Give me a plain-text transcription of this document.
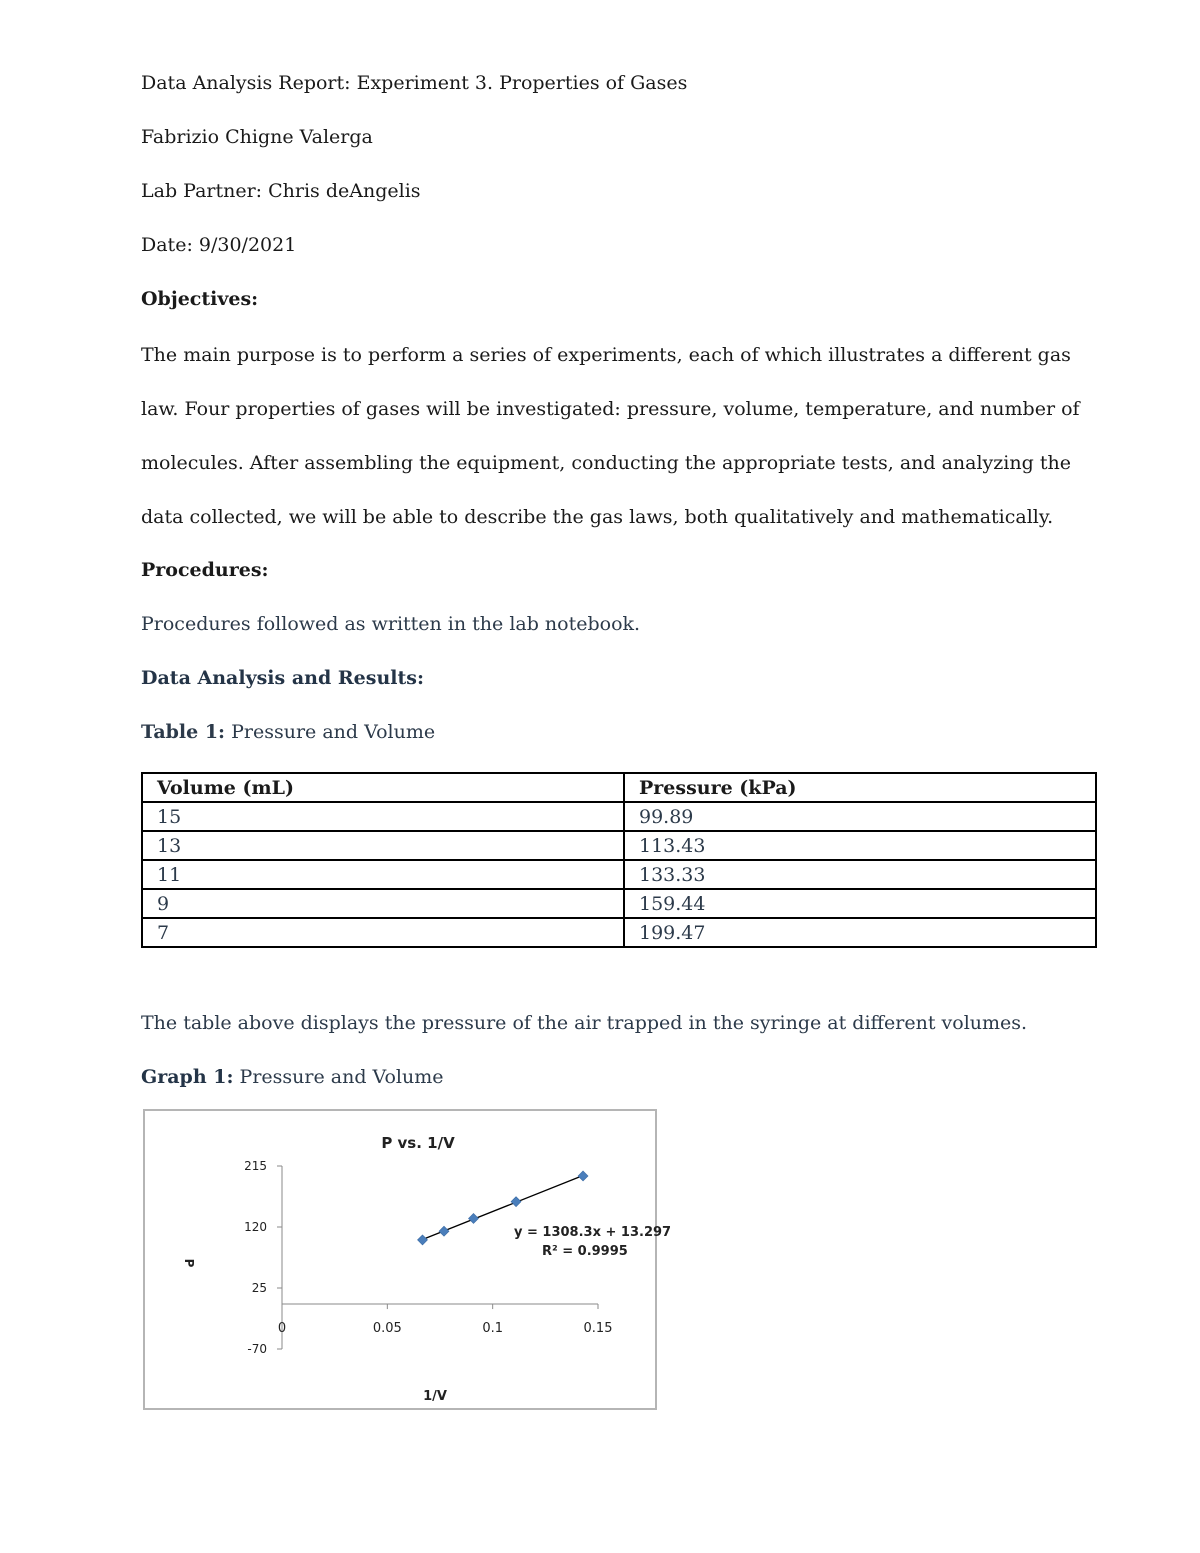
Data Analysis Report: Experiment 3. Properties of Gases
Fabrizio Chigne Valerga
Lab Partner: Chris deAngelis
Date: 9/30/2021
Objectives:
The main purpose is to perform a series of experiments, each of which illustrates a different gas
law. Four properties of gases will be investigated: pressure, volume, temperature, and number of
molecules. After assembling the equipment, conducting the appropriate tests, and analyzing the
data collected, we will be able to describe the gas laws, both qualitatively and mathematically.
Procedures:
Procedures followed as written in the lab notebook.
Data Analysis and Results:
Table 1: Pressure and Volume
Volume (mL)	Pressure (kPa)
15	99.89
13	113.43
11	133.33
9	159.44
7	199.47
The table above displays the pressure of the air trapped in the syringe at different volumes.
Graph 1: Pressure and Volume
P vs. 1/V
1/V
P
y = 1308.3x + 13.297
R² = 0.9995
215
120
25
-70
0	0.05	0.1	0.15
